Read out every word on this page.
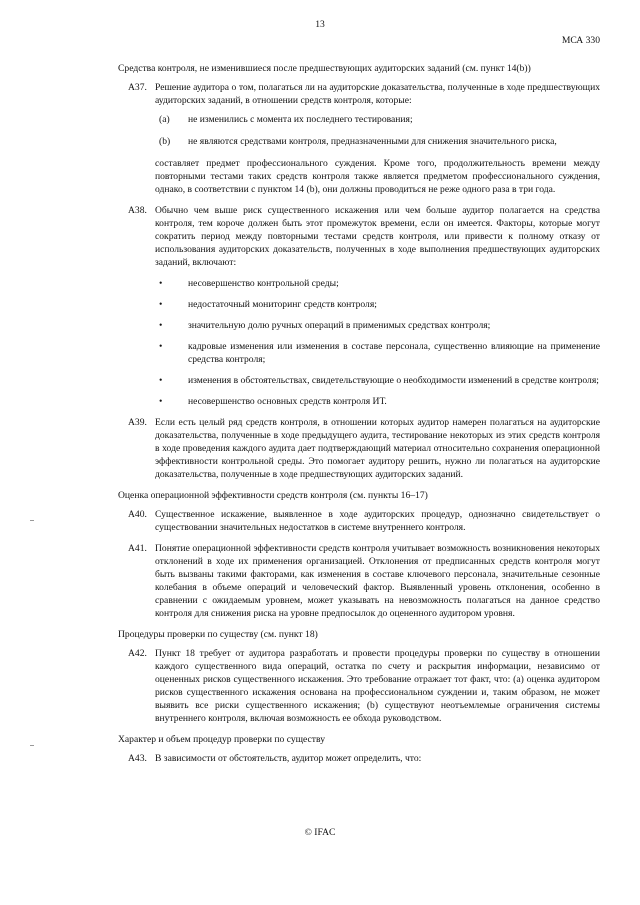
13
МСА 330
Средства контроля, не изменившиеся после предшествующих аудиторских заданий (см. пункт 14(b))
A37. Решение аудитора о том, полагаться ли на аудиторские доказательства, полученные в ходе предшествующих аудиторских заданий, в отношении средств контроля, которые:
(a) не изменились с момента их последнего тестирования;
(b) не являются средствами контроля, предназначенными для снижения значительного риска,
составляет предмет профессионального суждения. Кроме того, продолжительность времени между повторными тестами таких средств контроля также является предметом профессионального суждения, однако, в соответствии с пунктом 14 (b), они должны проводиться не реже одного раза в три года.
A38. Обычно чем выше риск существенного искажения или чем больше аудитор полагается на средства контроля, тем короче должен быть этот промежуток времени, если он имеется. Факторы, которые могут сократить период между повторными тестами средств контроля, или привести к полному отказу от использования аудиторских доказательств, полученных в ходе выполнения предшествующих аудиторских заданий, включают:
•	несовершенство контрольной среды;
•	недостаточный мониторинг средств контроля;
•	значительную долю ручных операций в применимых средствах контроля;
•	кадровые изменения или изменения в составе персонала, существенно влияющие на применение средства контроля;
•	изменения в обстоятельствах, свидетельствующие о необходимости изменений в средстве контроля;
•	несовершенство основных средств контроля ИТ.
A39. Если есть целый ряд средств контроля, в отношении которых аудитор намерен полагаться на аудиторские доказательства, полученные в ходе предыдущего аудита, тестирование некоторых из этих средств контроля в ходе проведения каждого аудита дает подтверждающий материал относительно сохранения операционной эффективности контрольной среды. Это помогает аудитору решить, нужно ли полагаться на аудиторские доказательства, полученные в ходе предшествующих аудиторских заданий.
Оценка операционной эффективности средств контроля (см. пункты 16–17)
A40. Существенное искажение, выявленное в ходе аудиторских процедур, однозначно свидетельствует о существовании значительных недостатков в системе внутреннего контроля.
A41. Понятие операционной эффективности средств контроля учитывает возможность возникновения некоторых отклонений в ходе их применения организацией. Отклонения от предписанных средств контроля могут быть вызваны такими факторами, как изменения в составе ключевого персонала, значительные сезонные колебания в объеме операций и человеческий фактор. Выявленный уровень отклонения, особенно в сравнении с ожидаемым уровнем, может указывать на невозможность полагаться на данное средство контроля для снижения риска на уровне предпосылок до оцененного аудитором уровня.
Процедуры проверки по существу (см. пункт 18)
A42. Пункт 18 требует от аудитора разработать и провести процедуры проверки по существу в отношении каждого существенного вида операций, остатка по счету и раскрытия информации, независимо от оцененных рисков существенного искажения. Это требование отражает тот факт, что: (а) оценка аудитором рисков существенного искажения основана на профессиональном суждении и, таким образом, не может выявить все риски существенного искажения; (b) существуют неотъемлемые ограничения системы внутреннего контроля, включая возможность ее обхода руководством.
Характер и объем процедур проверки по существу
A43. В зависимости от обстоятельств, аудитор может определить, что:
© IFAC
